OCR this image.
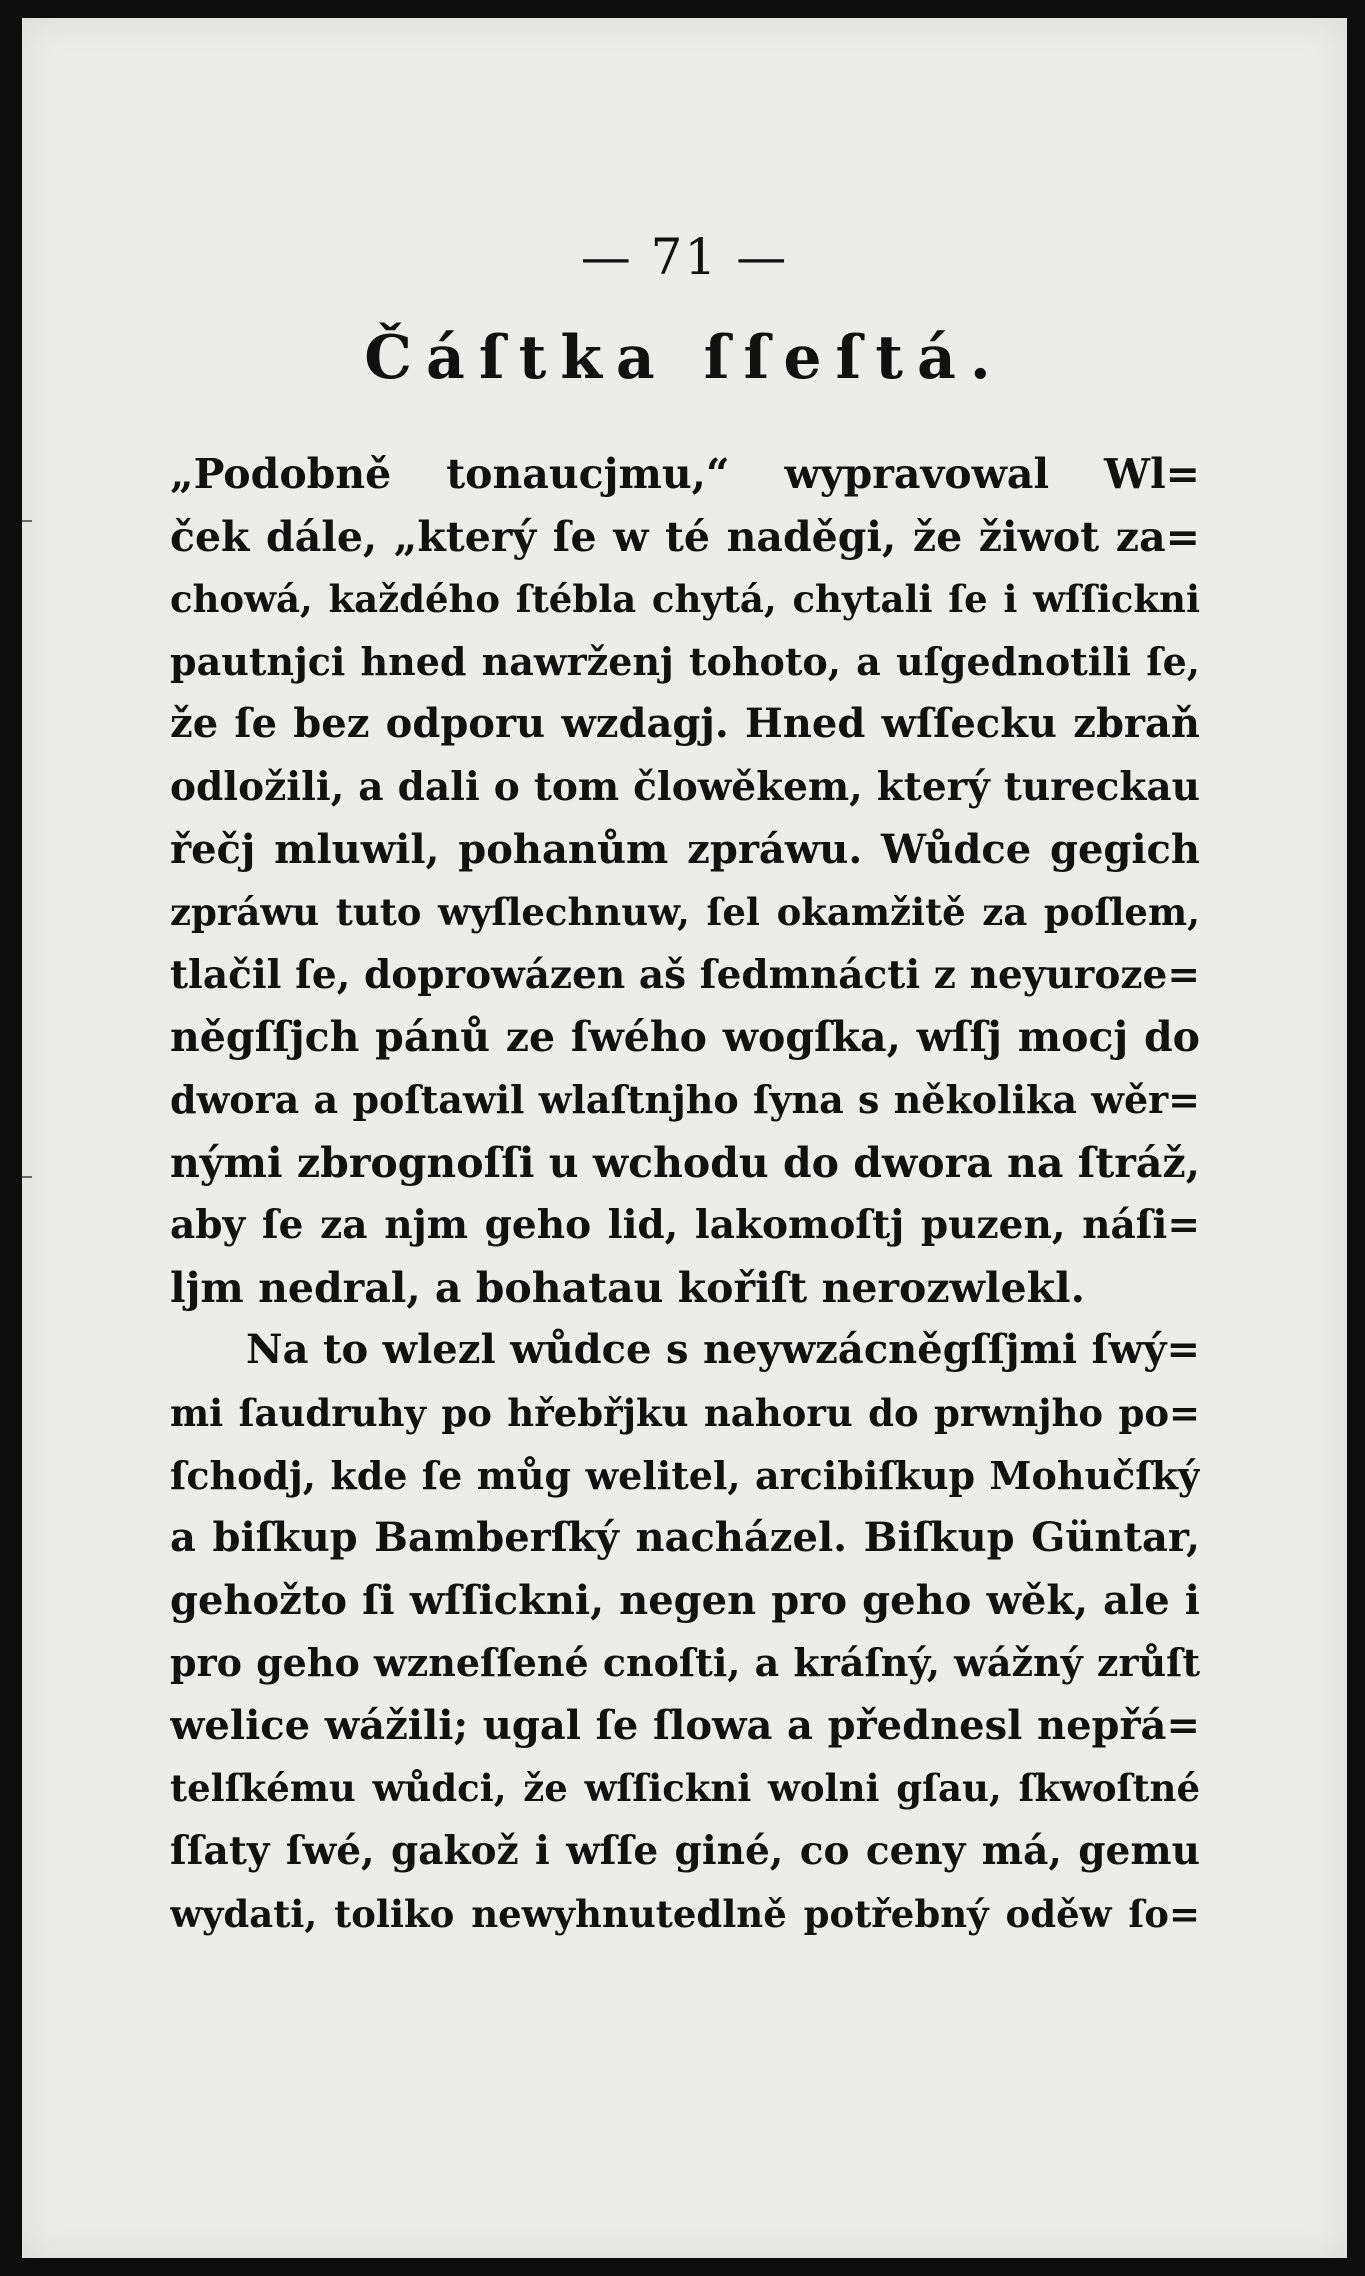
— 71 —
Čáſtka ſſeſtá.
„Podobně tonaucjmu,“ wypravowal Wl=
ček dále, „který ſe w té naděgi, že žiwot za=
chowá, každého ſtébla chytá, chytali ſe i wſſickni
pautnjci hned nawrženj tohoto, a uſgednotili ſe,
že ſe bez odporu wzdagj. Hned wſſecku zbraň
odložili, a dali o tom člowěkem, který tureckau
řečj mluwil, pohanům zpráwu. Wůdce gegich
zpráwu tuto wyſlechnuw, ſel okamžitě za poſlem,
tlačil ſe, doprowázen aš ſedmnácti z neyuroze=
něgſſjch pánů ze ſwého wogſka, wſſj mocj do
dwora a poſtawil wlaſtnjho ſyna s několika wěr=
nými zbrognoſſi u wchodu do dwora na ſtráž,
aby ſe za njm geho lid, lakomoſtj puzen, náſi=
ljm nedral, a bohatau kořiſt nerozwlekl.
Na to wlezl wůdce s neywzácněgſſjmi ſwý=
mi ſaudruhy po hřebřjku nahoru do prwnjho po=
ſchodj, kde ſe můg welitel, arcibiſkup Mohučſký
a biſkup Bamberſký nacházel. Biſkup Güntar,
gehožto ſi wſſickni, negen pro geho wěk, ale i
pro geho wzneſſené cnoſti, a kráſný, wážný zrůſt
welice wážili; ugal ſe ſlowa a přednesl nepřá=
telſkému wůdci, že wſſickni wolni gſau, ſkwoſtné
ſſaty ſwé, gakož i wſſe giné, co ceny má, gemu
wydati, toliko newyhnutedlně potřebný oděw ſo=
